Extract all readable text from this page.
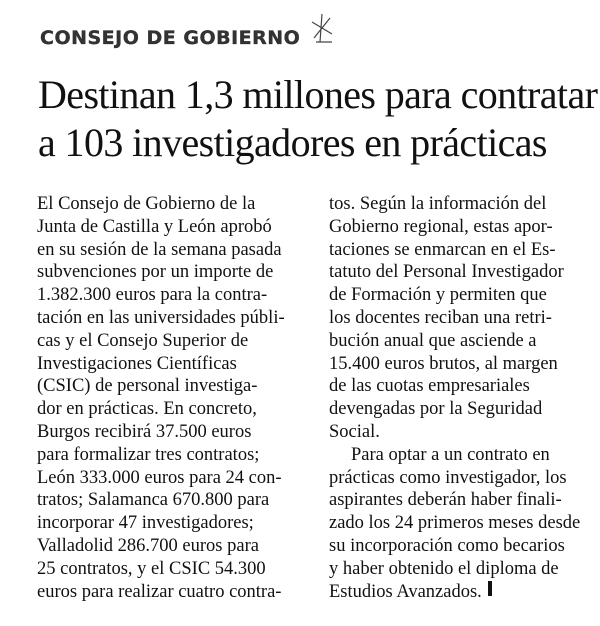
CONSEJO DE GOBIERNO
Destinan 1,3 millones para contratar
a 103 investigadores en prácticas
El Consejo de Gobierno de la
Junta de Castilla y León aprobó
en su sesión de la semana pasada
subvenciones por un importe de
1.382.300 euros para la contra-
tación en las universidades públi-
cas y el Consejo Superior de
Investigaciones Científicas
(CSIC) de personal investiga-
dor en prácticas. En concreto,
Burgos recibirá 37.500 euros
para formalizar tres contratos;
León 333.000 euros para 24 con-
tratos; Salamanca 670.800 para
incorporar 47 investigadores;
Valladolid 286.700 euros para
25 contratos, y el CSIC 54.300
euros para realizar cuatro contra-
tos. Según la información del
Gobierno regional, estas apor-
taciones se enmarcan en el Es-
tatuto del Personal Investigador
de Formación y permiten que
los docentes reciban una retri-
bución anual que asciende a
15.400 euros brutos, al margen
de las cuotas empresariales
devengadas por la Seguridad
Social.
Para optar a un contrato en
prácticas como investigador, los
aspirantes deberán haber finali-
zado los 24 primeros meses desde
su incorporación como becarios
y haber obtenido el diploma de
Estudios Avanzados.
